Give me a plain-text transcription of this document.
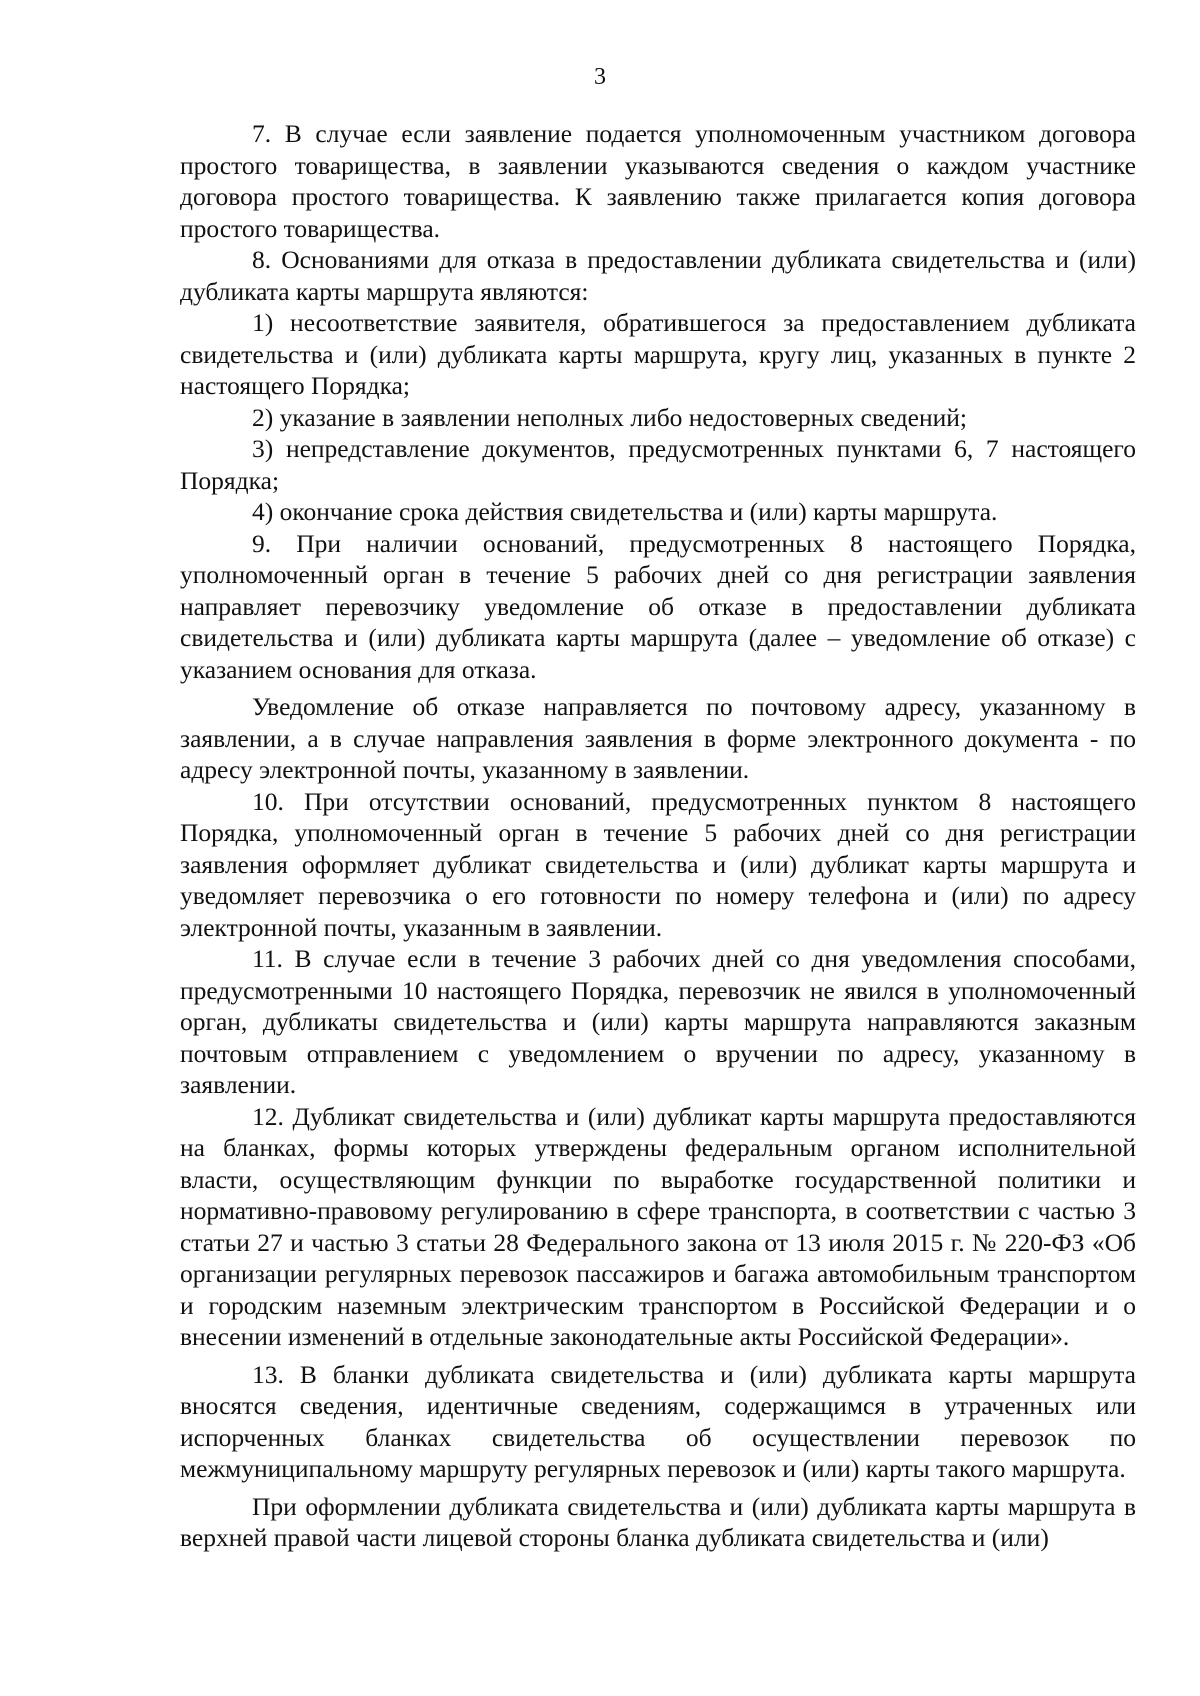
3

7. В случае если заявление подается уполномоченным участником договора простого товарищества, в заявлении указываются сведения о каждом участнике договора простого товарищества. К заявлению также прилагается копия договора простого товарищества.

8. Основаниями для отказа в предоставлении дубликата свидетельства и (или) дубликата карты маршрута являются:

1) несоответствие заявителя, обратившегося за предоставлением дубликата свидетельства и (или) дубликата карты маршрута, кругу лиц, указанных в пункте 2 настоящего Порядка;

2) указание в заявлении неполных либо недостоверных сведений;

3) непредставление документов, предусмотренных пунктами 6, 7 настоящего Порядка;

4) окончание срока действия свидетельства и (или) карты маршрута.

9. При наличии оснований, предусмотренных 8 настоящего Порядка, уполномоченный орган в течение 5 рабочих дней со дня регистрации заявления направляет перевозчику уведомление об отказе в предоставлении дубликата свидетельства и (или) дубликата карты маршрута (далее – уведомление об отказе) с указанием основания для отказа.

Уведомление об отказе направляется по почтовому адресу, указанному в заявлении, а в случае направления заявления в форме электронного документа - по адресу электронной почты, указанному в заявлении.

10. При отсутствии оснований, предусмотренных пунктом 8 настоящего Порядка, уполномоченный орган в течение 5 рабочих дней со дня регистрации заявления оформляет дубликат свидетельства и (или) дубликат карты маршрута и уведомляет перевозчика о его готовности по номеру телефона и (или) по адресу электронной почты, указанным в заявлении.

11. В случае если в течение 3 рабочих дней со дня уведомления способами, предусмотренными 10 настоящего Порядка, перевозчик не явился в уполномоченный орган, дубликаты свидетельства и (или) карты маршрута направляются заказным почтовым отправлением с уведомлением о вручении по адресу, указанному в заявлении.

12. Дубликат свидетельства и (или) дубликат карты маршрута предоставляются на бланках, формы которых утверждены федеральным органом исполнительной власти, осуществляющим функции по выработке государственной политики и нормативно-правовому регулированию в сфере транспорта, в соответствии с частью 3 статьи 27 и частью 3 статьи 28 Федерального закона от 13 июля 2015 г. № 220-ФЗ «Об организации регулярных перевозок пассажиров и багажа автомобильным транспортом и городским наземным электрическим транспортом в Российской Федерации и о внесении изменений в отдельные законодательные акты Российской Федерации».

13. В бланки дубликата свидетельства и (или) дубликата карты маршрута вносятся сведения, идентичные сведениям, содержащимся в утраченных или испорченных бланках свидетельства об осуществлении перевозок по межмуниципальному маршруту регулярных перевозок и (или) карты такого маршрута.

При оформлении дубликата свидетельства и (или) дубликата карты маршрута в верхней правой части лицевой стороны бланка дубликата свидетельства и (или)
